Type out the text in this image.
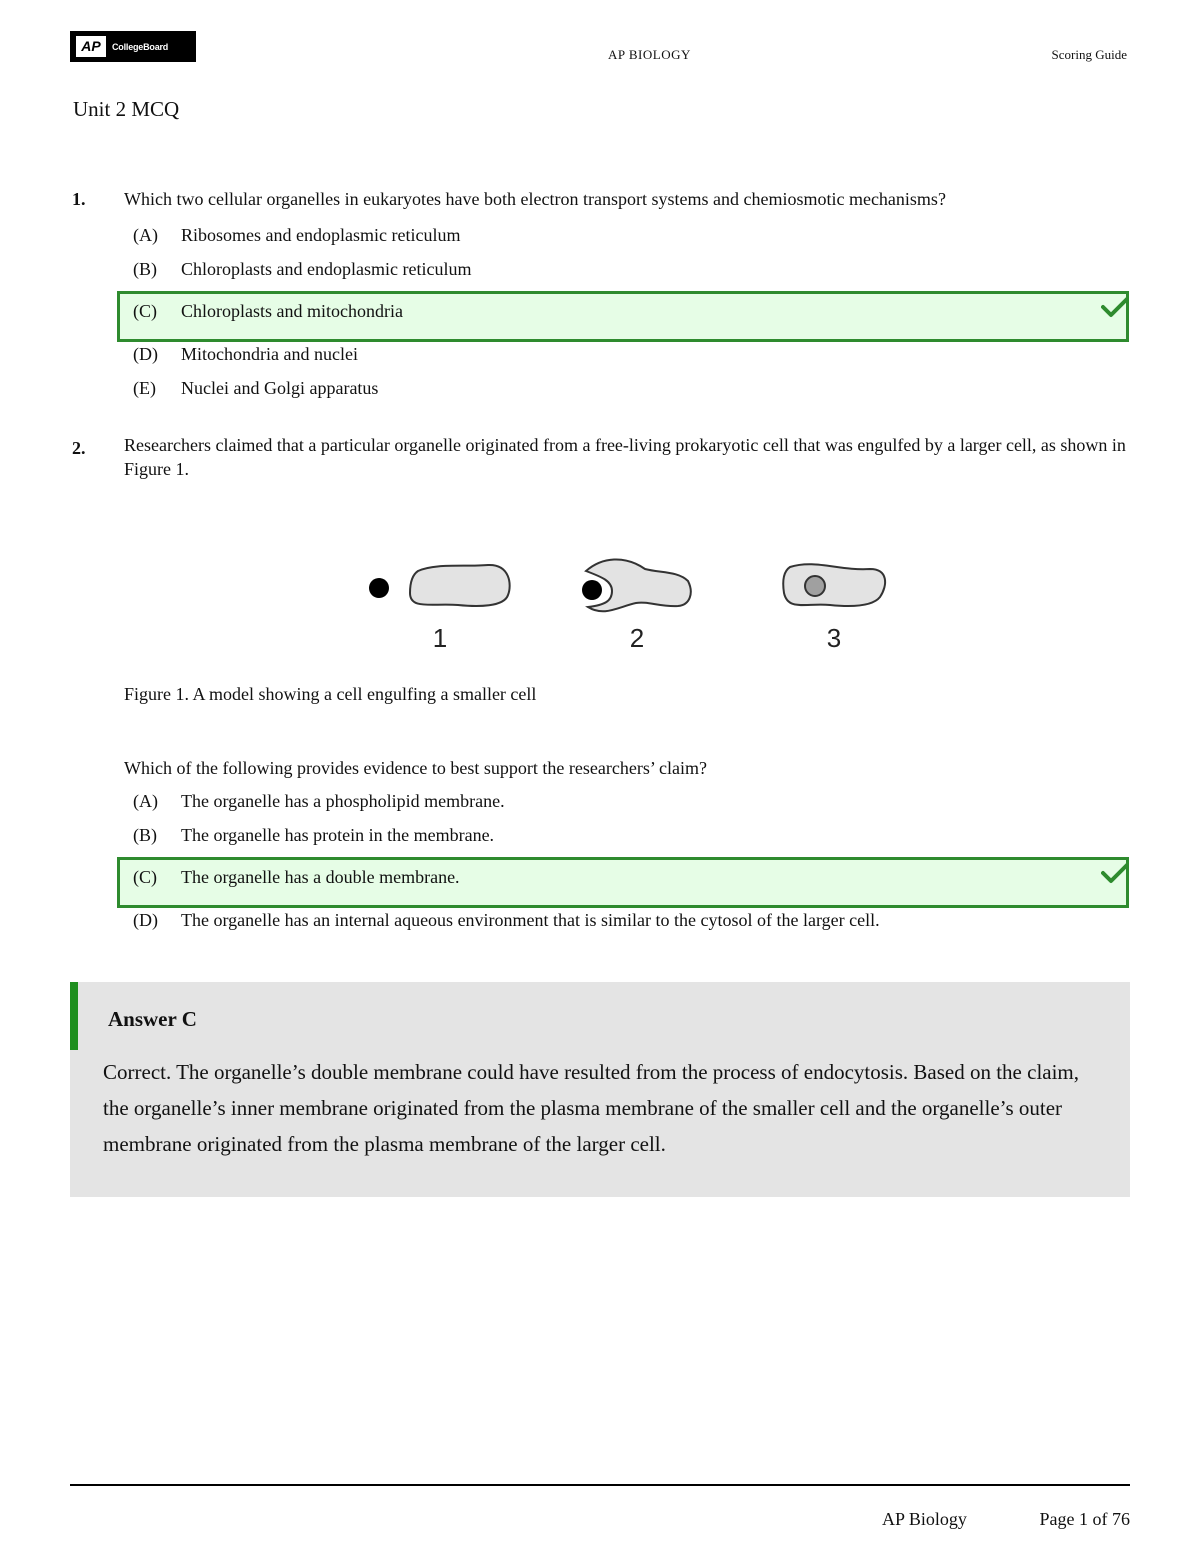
AP	CollegeBoard
AP BIOLOGY	Scoring Guide
Unit 2 MCQ
1. Which two cellular organelles in eukaryotes have both electron transport systems and chemiosmotic mechanisms?
(A)	Ribosomes and endoplasmic reticulum
(B)	Chloroplasts and endoplasmic reticulum
(C)	Chloroplasts and mitochondria
(D)	Mitochondria and nuclei
(E)	Nuclei and Golgi apparatus
2. Researchers claimed that a particular organelle originated from a free-living prokaryotic cell that was engulfed by a larger cell, as shown in Figure 1.
1	2	3
Figure 1. A model showing a cell engulfing a smaller cell
Which of the following provides evidence to best support the researchers’ claim?
(A)	The organelle has a phospholipid membrane.
(B)	The organelle has protein in the membrane.
(C)	The organelle has a double membrane.
(D)	The organelle has an internal aqueous environment that is similar to the cytosol of the larger cell.
Answer C
Correct. The organelle’s double membrane could have resulted from the process of endocytosis. Based on the claim, the organelle’s inner membrane originated from the plasma membrane of the smaller cell and the organelle’s outer membrane originated from the plasma membrane of the larger cell.
AP Biology	Page 1 of 76
